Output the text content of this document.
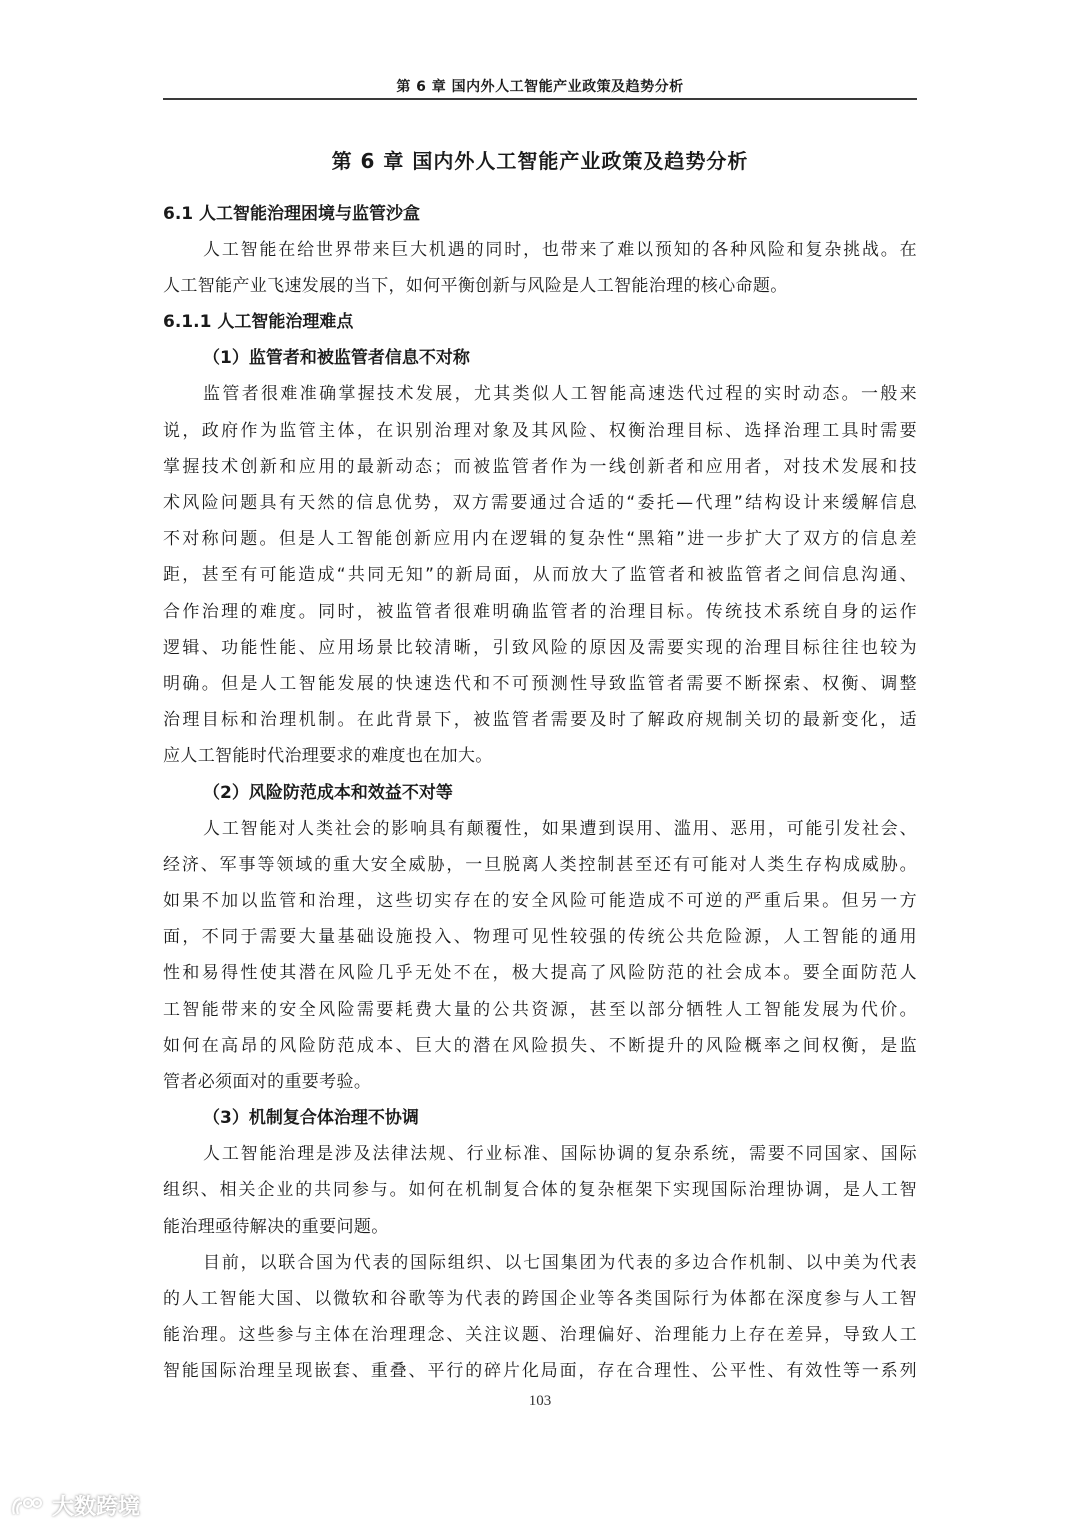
第 6 章 国内外人工智能产业政策及趋势分析
第 6 章 国内外人工智能产业政策及趋势分析
6.1 人工智能治理困境与监管沙盒

人工智能在给世界带来巨大机遇的同时，也带来了难以预知的各种风险和复杂挑战。在
人工智能产业飞速发展的当下，如何平衡创新与风险是人工智能治理的核心命题。

6.1.1 人工智能治理难点
（1）监管者和被监管者信息不对称

监管者很难准确掌握技术发展，尤其类似人工智能高速迭代过程的实时动态。一般来
说，政府作为监管主体，在识别治理对象及其风险、权衡治理目标、选择治理工具时需要
掌握技术创新和应用的最新动态；而被监管者作为一线创新者和应用者，对技术发展和技
术风险问题具有天然的信息优势，双方需要通过合适的“委托—代理”结构设计来缓解信息
不对称问题。但是人工智能创新应用内在逻辑的复杂性“黑箱”进一步扩大了双方的信息差
距，甚至有可能造成“共同无知”的新局面，从而放大了监管者和被监管者之间信息沟通、
合作治理的难度。同时，被监管者很难明确监管者的治理目标。传统技术系统自身的运作
逻辑、功能性能、应用场景比较清晰，引致风险的原因及需要实现的治理目标往往也较为
明确。但是人工智能发展的快速迭代和不可预测性导致监管者需要不断探索、权衡、调整
治理目标和治理机制。在此背景下，被监管者需要及时了解政府规制关切的最新变化，适
应人工智能时代治理要求的难度也在加大。

（2）风险防范成本和效益不对等

人工智能对人类社会的影响具有颠覆性，如果遭到误用、滥用、恶用，可能引发社会、
经济、军事等领域的重大安全威胁，一旦脱离人类控制甚至还有可能对人类生存构成威胁。
如果不加以监管和治理，这些切实存在的安全风险可能造成不可逆的严重后果。但另一方
面，不同于需要大量基础设施投入、物理可见性较强的传统公共危险源，人工智能的通用
性和易得性使其潜在风险几乎无处不在，极大提高了风险防范的社会成本。要全面防范人
工智能带来的安全风险需要耗费大量的公共资源，甚至以部分牺牲人工智能发展为代价。
如何在高昂的风险防范成本、巨大的潜在风险损失、不断提升的风险概率之间权衡，是监
管者必须面对的重要考验。

（3）机制复合体治理不协调

人工智能治理是涉及法律法规、行业标准、国际协调的复杂系统，需要不同国家、国际
组织、相关企业的共同参与。如何在机制复合体的复杂框架下实现国际治理协调，是人工智
能治理亟待解决的重要问题。

目前，以联合国为代表的国际组织、以七国集团为代表的多边合作机制、以中美为代表
的人工智能大国、以微软和谷歌等为代表的跨国企业等各类国际行为体都在深度参与人工智
能治理。这些参与主体在治理理念、关注议题、治理偏好、治理能力上存在差异，导致人工
智能国际治理呈现嵌套、重叠、平行的碎片化局面，存在合理性、公平性、有效性等一系列

103
大数跨境
